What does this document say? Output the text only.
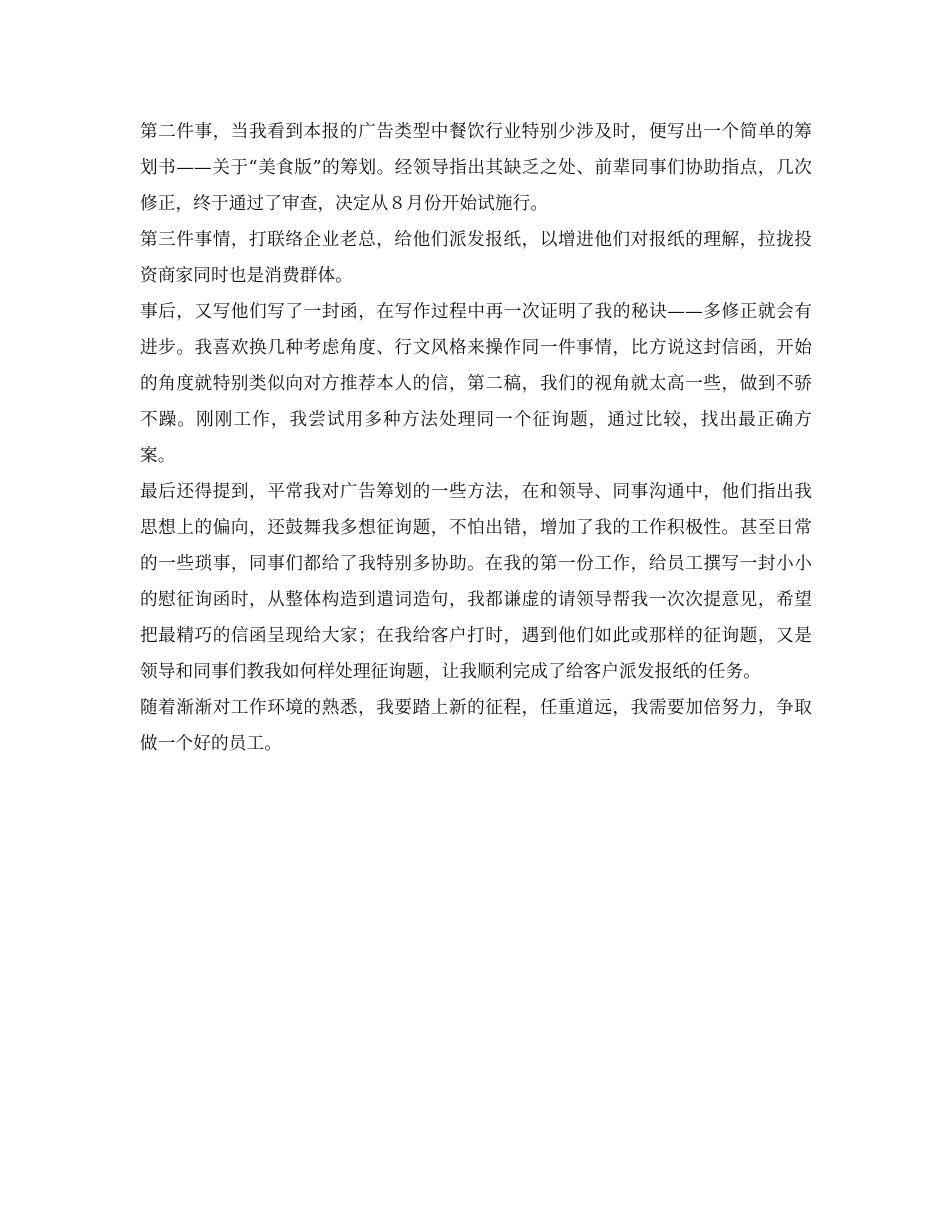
第二件事，当我看到本报的广告类型中餐饮行业特别少涉及时，便写出一个简单的筹划书——关于“美食版”的筹划。经领导指出其缺乏之处、前辈同事们协助指点，几次修正，终于通过了审查，决定从８月份开始试施行。

第三件事情，打联络企业老总，给他们派发报纸，以增进他们对报纸的理解，拉拢投资商家同时也是消费群体。

事后，又写他们写了一封函，在写作过程中再一次证明了我的秘诀——多修正就会有进步。我喜欢换几种考虑角度、行文风格来操作同一件事情，比方说这封信函，开始的角度就特别类似向对方推荐本人的信，第二稿，我们的视角就太高一些，做到不骄不躁。刚刚工作，我尝试用多种方法处理同一个征询题，通过比较，找出最正确方案。

最后还得提到，平常我对广告筹划的一些方法，在和领导、同事沟通中，他们指出我思想上的偏向，还鼓舞我多想征询题，不怕出错，增加了我的工作积极性。甚至日常的一些琐事，同事们都给了我特别多协助。在我的第一份工作，给员工撰写一封小小的慰征询函时，从整体构造到遣词造句，我都谦虚的请领导帮我一次次提意见，希望把最精巧的信函呈现给大家；在我给客户打时，遇到他们如此或那样的征询题，又是领导和同事们教我如何样处理征询题，让我顺利完成了给客户派发报纸的任务。

随着渐渐对工作环境的熟悉，我要踏上新的征程，任重道远，我需要加倍努力，争取做一个好的员工。
